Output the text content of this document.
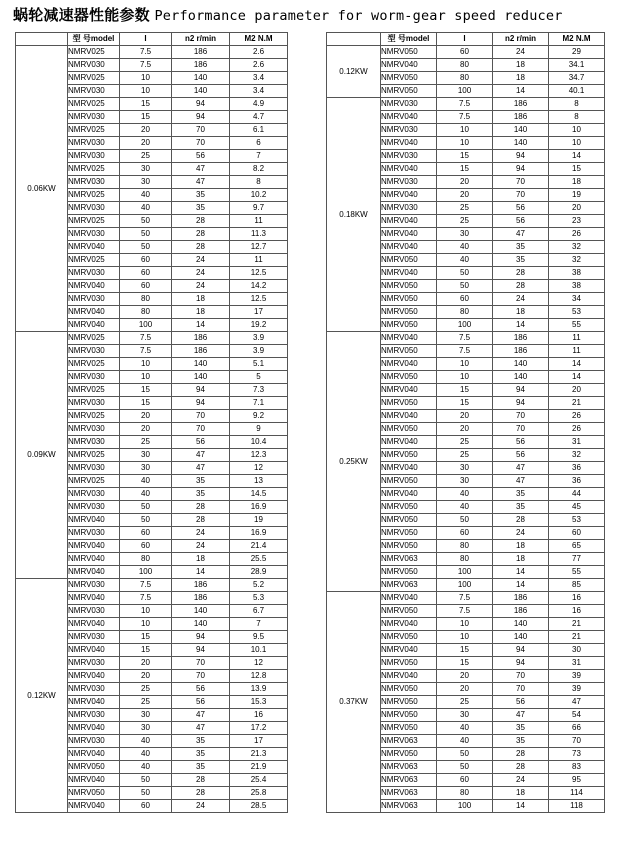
蜗轮减速器性能参数 Performance parameter for worm-gear speed reducer
	型 号model	I	n2 r/min	M2 N.M
0.06KW	NMRV025	7.5	186	2.6
	NMRV030	7.5	186	2.6
	NMRV025	10	140	3.4
	NMRV030	10	140	3.4
	NMRV025	15	94	4.9
	NMRV030	15	94	4.7
	NMRV025	20	70	6.1
	NMRV030	20	70	6
	NMRV030	25	56	7
	NMRV025	30	47	8.2
	NMRV030	30	47	8
	NMRV025	40	35	10.2
	NMRV030	40	35	9.7
	NMRV025	50	28	11
	NMRV030	50	28	11.3
	NMRV040	50	28	12.7
	NMRV025	60	24	11
	NMRV030	60	24	12.5
	NMRV040	60	24	14.2
	NMRV030	80	18	12.5
	NMRV040	80	18	17
	NMRV040	100	14	19.2
0.09KW	NMRV025	7.5	186	3.9
	NMRV030	7.5	186	3.9
	NMRV025	10	140	5.1
	NMRV030	10	140	5
	NMRV025	15	94	7.3
	NMRV030	15	94	7.1
	NMRV025	20	70	9.2
	NMRV030	20	70	9
	NMRV030	25	56	10.4
	NMRV025	30	47	12.3
	NMRV030	30	47	12
	NMRV025	40	35	13
	NMRV030	40	35	14.5
	NMRV030	50	28	16.9
	NMRV040	50	28	19
	NMRV030	60	24	16.9
	NMRV040	60	24	21.4
	NMRV040	80	18	25.5
	NMRV040	100	14	28.9
0.12KW	NMRV030	7.5	186	5.2
	NMRV040	7.5	186	5.3
	NMRV030	10	140	6.7
	NMRV040	10	140	7
	NMRV030	15	94	9.5
	NMRV040	15	94	10.1
	NMRV030	20	70	12
	NMRV040	20	70	12.8
	NMRV030	25	56	13.9
	NMRV040	25	56	15.3
	NMRV030	30	47	16
	NMRV040	30	47	17.2
	NMRV030	40	35	17
	NMRV040	40	35	21.3
	NMRV050	40	35	21.9
	NMRV040	50	28	25.4
	NMRV050	50	28	25.8
	NMRV040	60	24	28.5
	型 号model	I	n2 r/min	M2 N.M
0.12KW	NMRV050	60	24	29
	NMRV040	80	18	34.1
	NMRV050	80	18	34.7
	NMRV050	100	14	40.1
0.18KW	NMRV030	7.5	186	8
	NMRV040	7.5	186	8
	NMRV030	10	140	10
	NMRV040	10	140	10
	NMRV030	15	94	14
	NMRV040	15	94	15
	NMRV030	20	70	18
	NMRV040	20	70	19
	NMRV030	25	56	20
	NMRV040	25	56	23
	NMRV040	30	47	26
	NMRV040	40	35	32
	NMRV050	40	35	32
	NMRV040	50	28	38
	NMRV050	50	28	38
	NMRV050	60	24	34
	NMRV050	80	18	53
	NMRV050	100	14	55
0.25KW	NMRV040	7.5	186	11
	NMRV050	7.5	186	11
	NMRV040	10	140	14
	NMRV050	10	140	14
	NMRV040	15	94	20
	NMRV050	15	94	21
	NMRV040	20	70	26
	NMRV050	20	70	26
	NMRV040	25	56	31
	NMRV050	25	56	32
	NMRV040	30	47	36
	NMRV050	30	47	36
	NMRV040	40	35	44
	NMRV050	40	35	45
	NMRV050	50	28	53
	NMRV050	60	24	60
	NMRV050	80	18	65
	NMRV063	80	18	77
	NMRV050	100	14	55
	NMRV063	100	14	85
0.37KW	NMRV040	7.5	186	16
	NMRV050	7.5	186	16
	NMRV040	10	140	21
	NMRV050	10	140	21
	NMRV040	15	94	30
	NMRV050	15	94	31
	NMRV040	20	70	39
	NMRV050	20	70	39
	NMRV050	25	56	47
	NMRV050	30	47	54
	NMRV050	40	35	66
	NMRV063	40	35	70
	NMRV050	50	28	73
	NMRV063	50	28	83
	NMRV063	60	24	95
	NMRV063	80	18	114
	NMRV063	100	14	118
